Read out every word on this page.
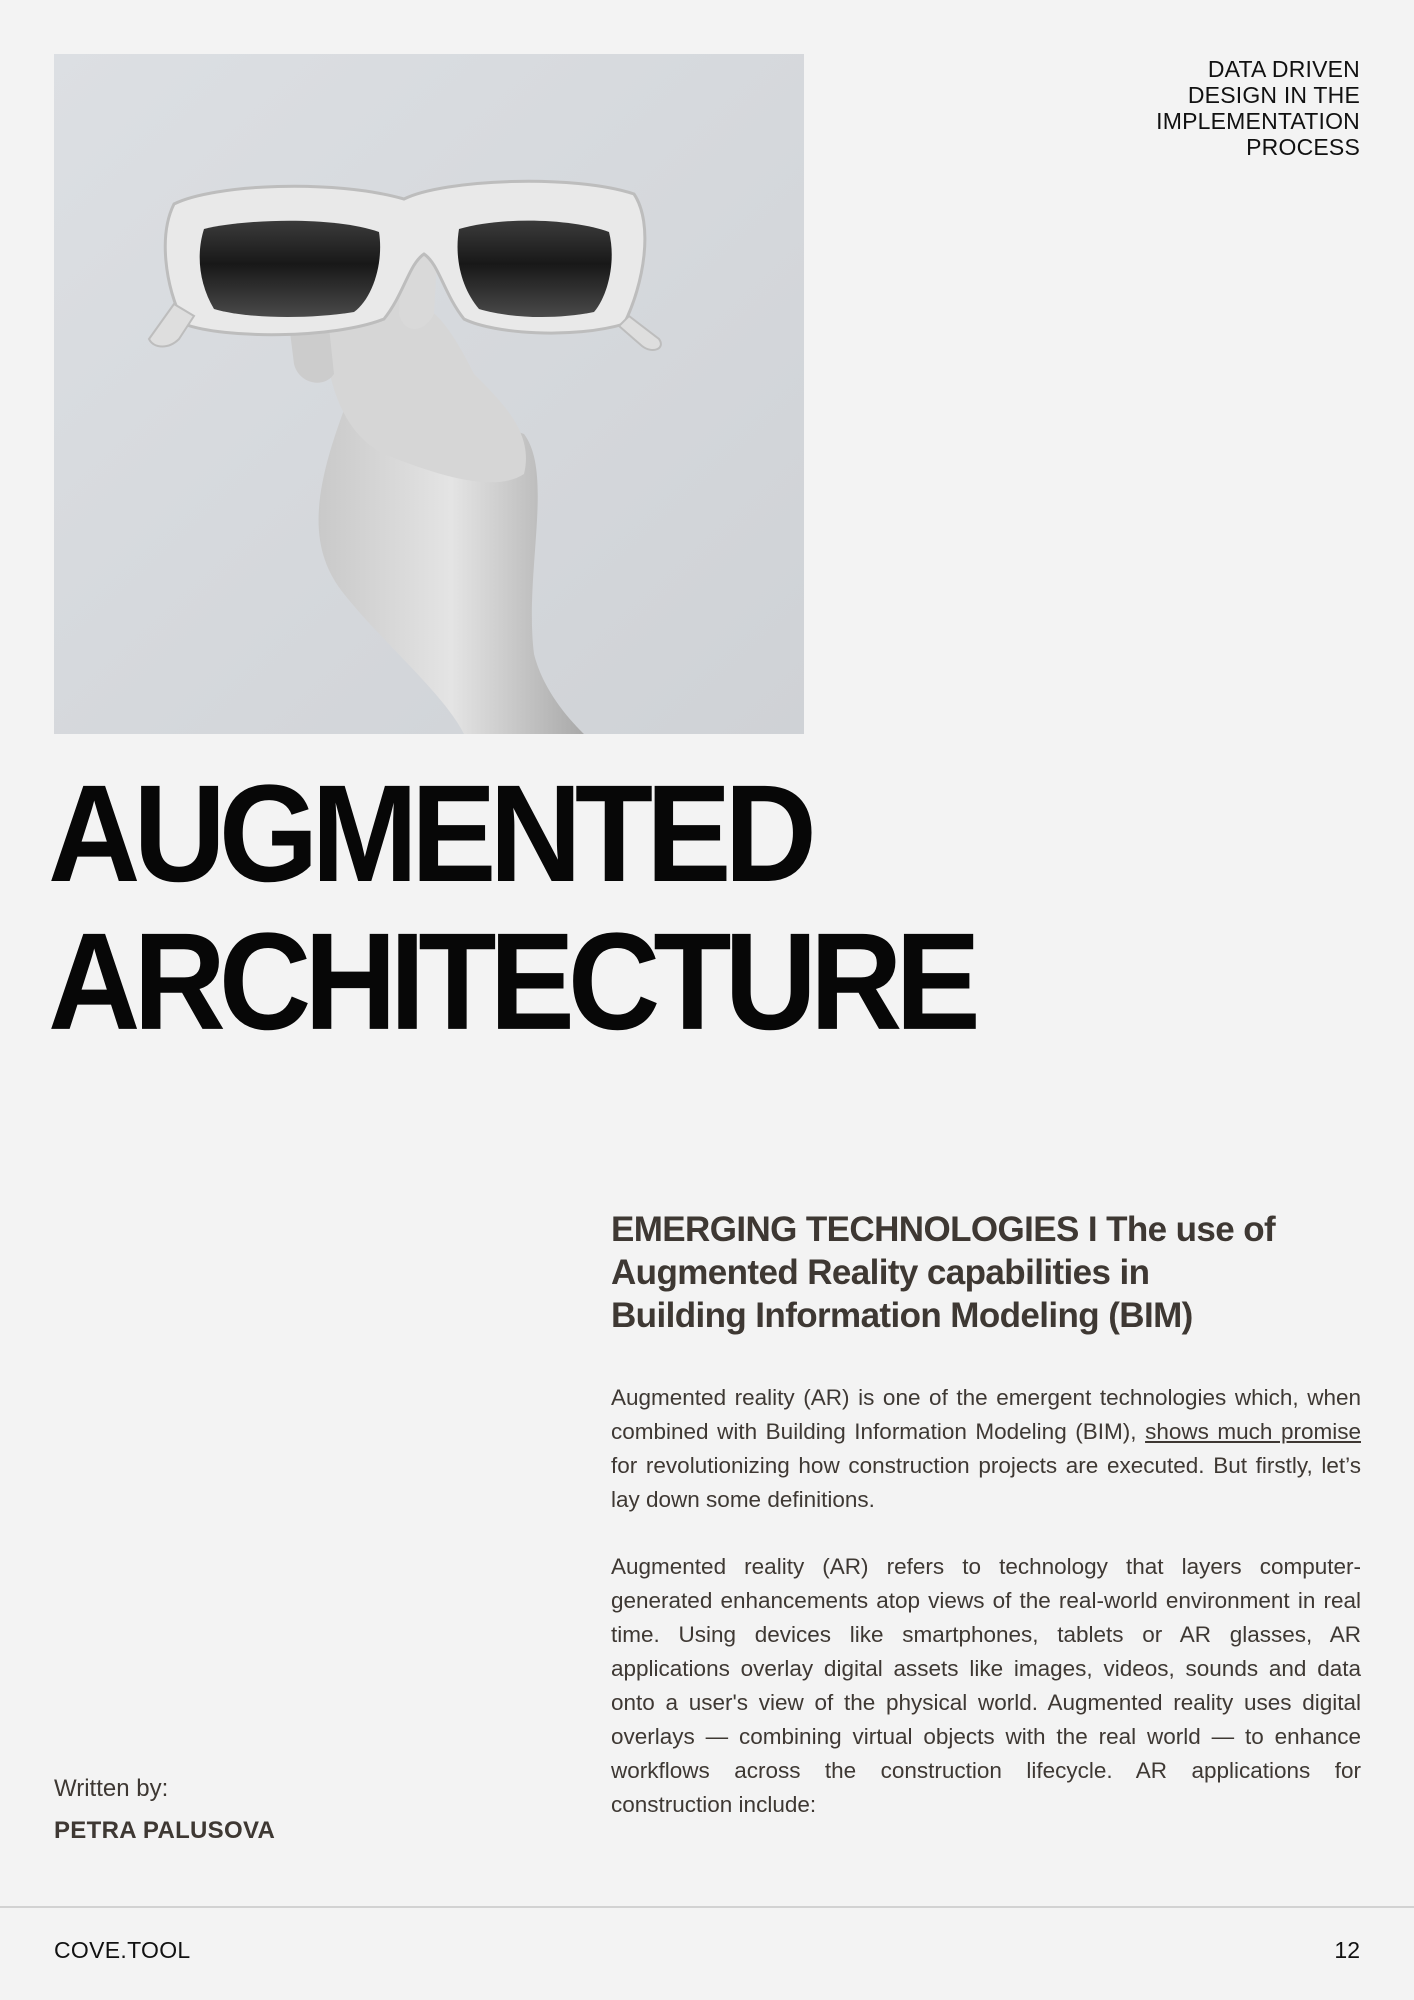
DATA DRIVEN
DESIGN IN THE
IMPLEMENTATION
PROCESS
AUGMENTED
ARCHITECTURE
EMERGING TECHNOLOGIES I The use of
Augmented Reality capabilities in
Building Information Modeling (BIM)

Augmented reality (AR) is one of the emergent technologies which, when combined with Building Information Modeling (BIM), shows much promise for revolutionizing how construction projects are executed. But firstly, let’s lay down some definitions.

Augmented reality (AR) refers to technology that layers computer-generated enhancements atop views of the real-world environment in real time. Using devices like smartphones, tablets or AR glasses, AR applications overlay digital assets like images, videos, sounds and data onto a user's view of the physical world. Augmented reality uses digital overlays — combining virtual objects with the real world — to enhance workflows across the construction lifecycle. AR applications for construction include:

Written by:
PETRA PALUSOVA
COVE.TOOL	12
